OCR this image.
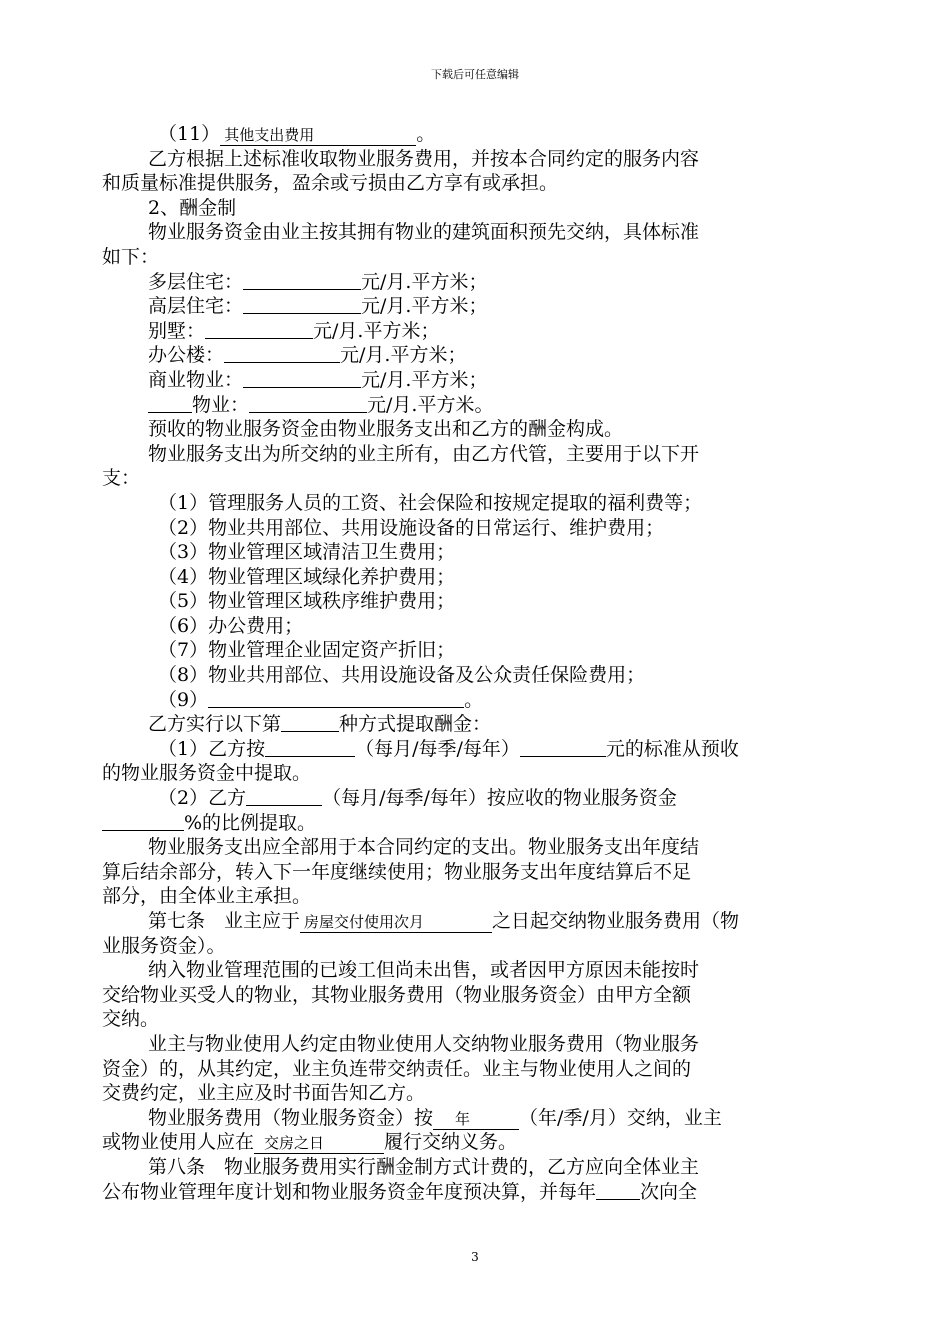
下载后可任意编辑

（11） 其他支出费用	。

乙方根据上述标准收取物业服务费用，并按本合同约定的服务内容

和质量标准提供服务，盈余或亏损由乙方享有或承担。

2、酬金制

物业服务资金由业主按其拥有物业的建筑面积预先交纳，具体标准

如下：

多层住宅：	元/月.平方米；

高层住宅：	元/月.平方米；

别墅：	元/月.平方米；

办公楼：	元/月.平方米；

商业物业：	元/月.平方米；

物业：	元/月.平方米。

预收的物业服务资金由物业服务支出和乙方的酬金构成。

物业服务支出为所交纳的业主所有，由乙方代管，主要用于以下开

支：

（1）管理服务人员的工资、社会保险和按规定提取的福利费等；

（2）物业共用部位、共用设施设备的日常运行、维护费用；

（3）物业管理区域清洁卫生费用；

（4）物业管理区域绿化养护费用；

（5）物业管理区域秩序维护费用；

（6）办公费用；

（7）物业管理企业固定资产折旧；

（8）物业共用部位、共用设施设备及公众责任保险费用；

（9）	。

乙方实行以下第	种方式提取酬金：

（1）乙方按	（每月/每季/每年）	元的标准从预收

的物业服务资金中提取。

（2）乙方	（每月/每季/每年）按应收的物业服务资金

%的比例提取。

物业服务支出应全部用于本合同约定的支出。物业服务支出年度结

算后结余部分，转入下一年度继续使用；物业服务支出年度结算后不足

部分，由全体业主承担。

第七条　业主应于 房屋交付使用次月	之日起交纳物业服务费用（物

业服务资金）。

纳入物业管理范围的已竣工但尚未出售，或者因甲方原因未能按时

交给物业买受人的物业，其物业服务费用（物业服务资金）由甲方全额

交纳。

业主与物业使用人约定由物业使用人交纳物业服务费用（物业服务

资金）的，从其约定，业主负连带交纳责任。业主与物业使用人之间的

交费约定，业主应及时书面告知乙方。

物业服务费用（物业服务资金）按 年	（年/季/月）交纳，业主

或物业使用人应在 交房之日	履行交纳义务。

第八条　物业服务费用实行酬金制方式计费的，乙方应向全体业主

公布物业管理年度计划和物业服务资金年度预决算，并每年 次向全

3
